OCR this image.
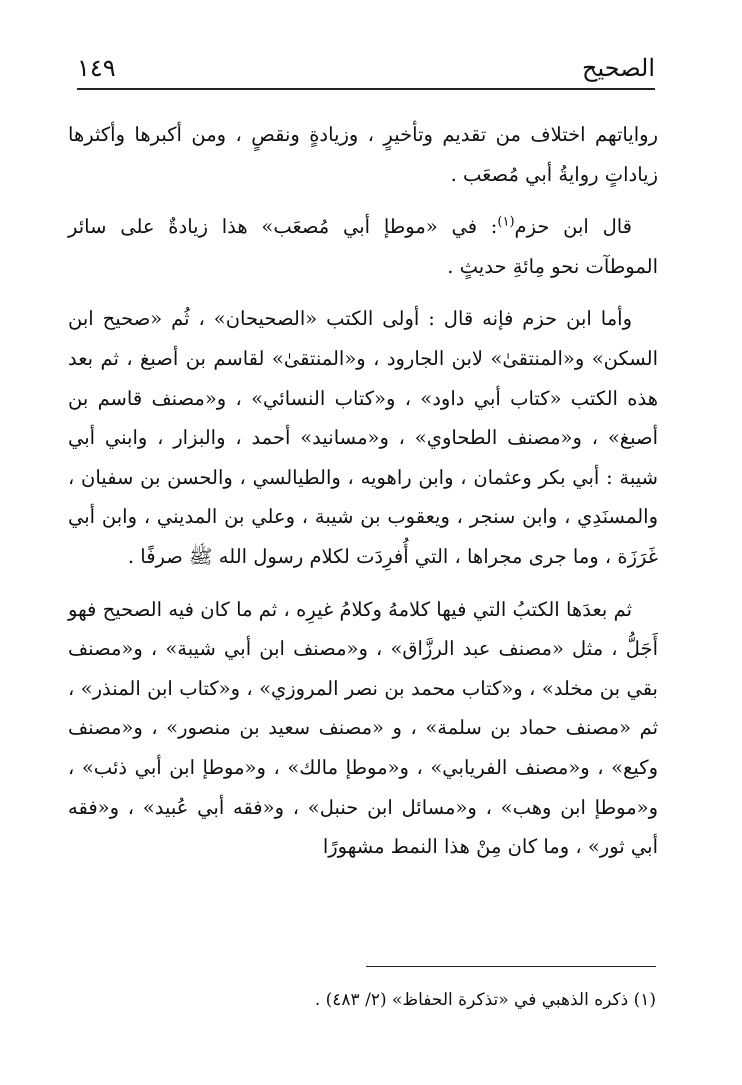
الصحيح
١٤٩

رواياتهم اختلاف من تقديم وتأخيرٍ ، وزيادةٍ ونقصٍ ، ومن أكبرها وأكثرها زياداتٍ روايةُ أبي مُصعَب .

قال ابن حزم$^{(١)}$: في «موطإ أبي مُصعَب» هذا زيادةٌ على سائر الموطآت نحو مِائةِ حديثٍ .

وأما ابن حزم فإنه قال : أولى الكتب «الصحيحان» ، ثُم «صحيح ابن السكن» و«المنتقىٰ» لابن الجارود ، و«المنتقىٰ» لقاسم بن أصبغ ، ثم بعد هذه الكتب «كتاب أبي داود» ، و«كتاب النسائي» ، و«مصنف قاسم بن أصبغ» ، و«مصنف الطحاوي» ، و«مسانيد» أحمد ، والبزار ، وابني أبي شيبة : أبي بكر وعثمان ، وابن راهويه ، والطيالسي ، والحسن بن سفيان ، والمسنَدِي ، وابن سنجر ، ويعقوب بن شيبة ، وعلي بن المديني ، وابن أبي غَرَزَة ، وما جرى مجراها ، التي أُفرِدَت لكلام رسول الله ﷺ صرفًا .

ثم بعدَها الكتبُ التي فيها كلامهُ وكلامُ غيرِه ، ثم ما كان فيه الصحيح فهو أَجَلُّ ، مثل «مصنف عبد الرزَّاق» ، و«مصنف ابن أبي شيبة» ، و«مصنف بقي بن مخلد» ، و«كتاب محمد بن نصر المروزي» ، و«كتاب ابن المنذر» ، ثم «مصنف حماد بن سلمة» ، و «مصنف سعيد بن منصور» ، و«مصنف وكيع» ، و«مصنف الفريابي» ، و«موطإ مالك» ، و«موطإ ابن أبي ذئب» ، و«موطإ ابن وهب» ، و«مسائل ابن حنبل» ، و«فقه أبي عُبيد» ، و«فقه أبي ثور» ، وما كان مِنْ هذا النمط مشهورًا

(١) ذكره الذهبي في «تذكرة الحفاظ» (٢/ ٤٨٣) .
